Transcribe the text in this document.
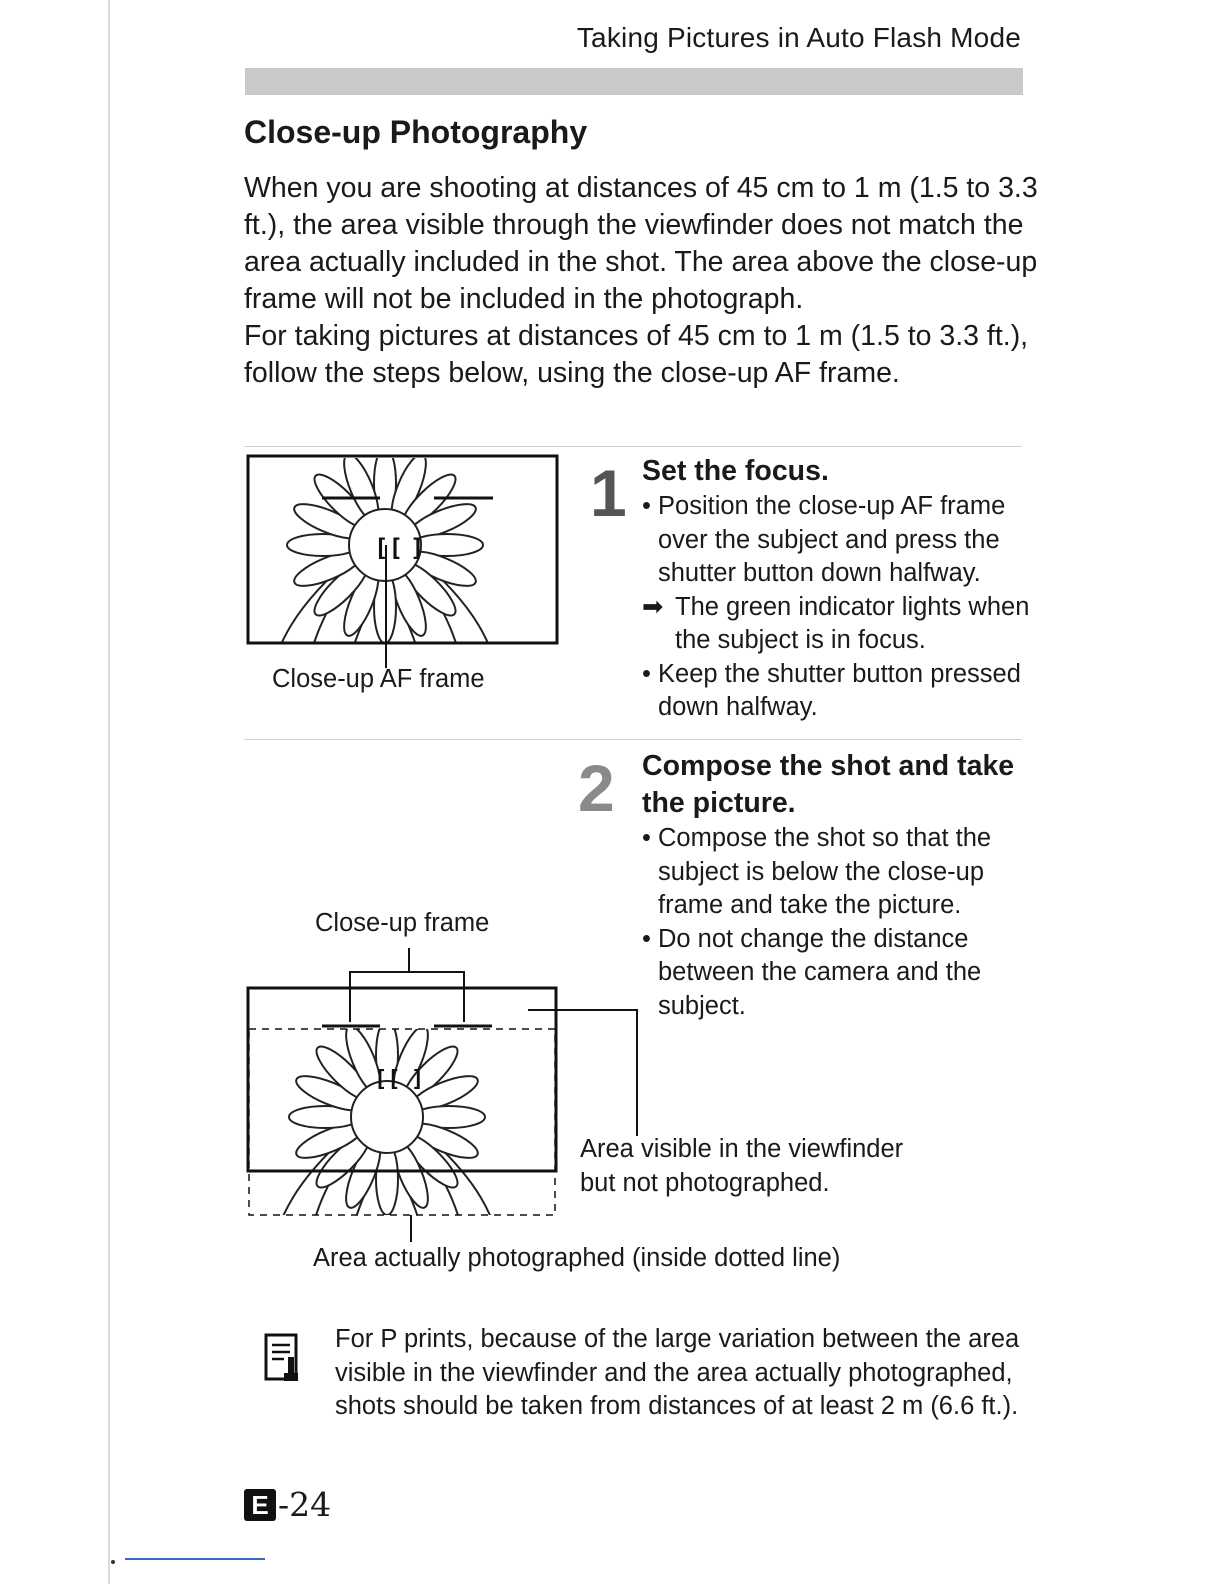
Taking Pictures in Auto Flash Mode
Close-up Photography

When you are shooting at distances of 45 cm to 1 m (1.5 to 3.3 ft.), the area visible through the viewfinder does not match the area actually included in the shot. The area above the close-up frame will not be included in the photograph.

For taking pictures at distances of 45 cm to 1 m (1.5 to 3.3 ft.), follow the steps below, using the close-up AF frame.

1 Set the focus.
• Position the close-up AF frame over the subject and press the shutter button down halfway.
➡ The green indicator lights when the subject is in focus.
• Keep the shutter button pressed down halfway.
[[ ]
[[ ]
Close-up AF frame
2 Compose the shot and take the picture.
• Compose the shot so that the subject is below the close-up frame and take the picture.
• Do not change the distance between the camera and the subject.
Close-up frame
Area visible in the viewfinder
but not photographed.
Area actually photographed (inside dotted line)
For P prints, because of the large variation between the area visible in the viewfinder and the area actually photographed, shots should be taken from distances of at least 2 m (6.6 ft.).
E -24
